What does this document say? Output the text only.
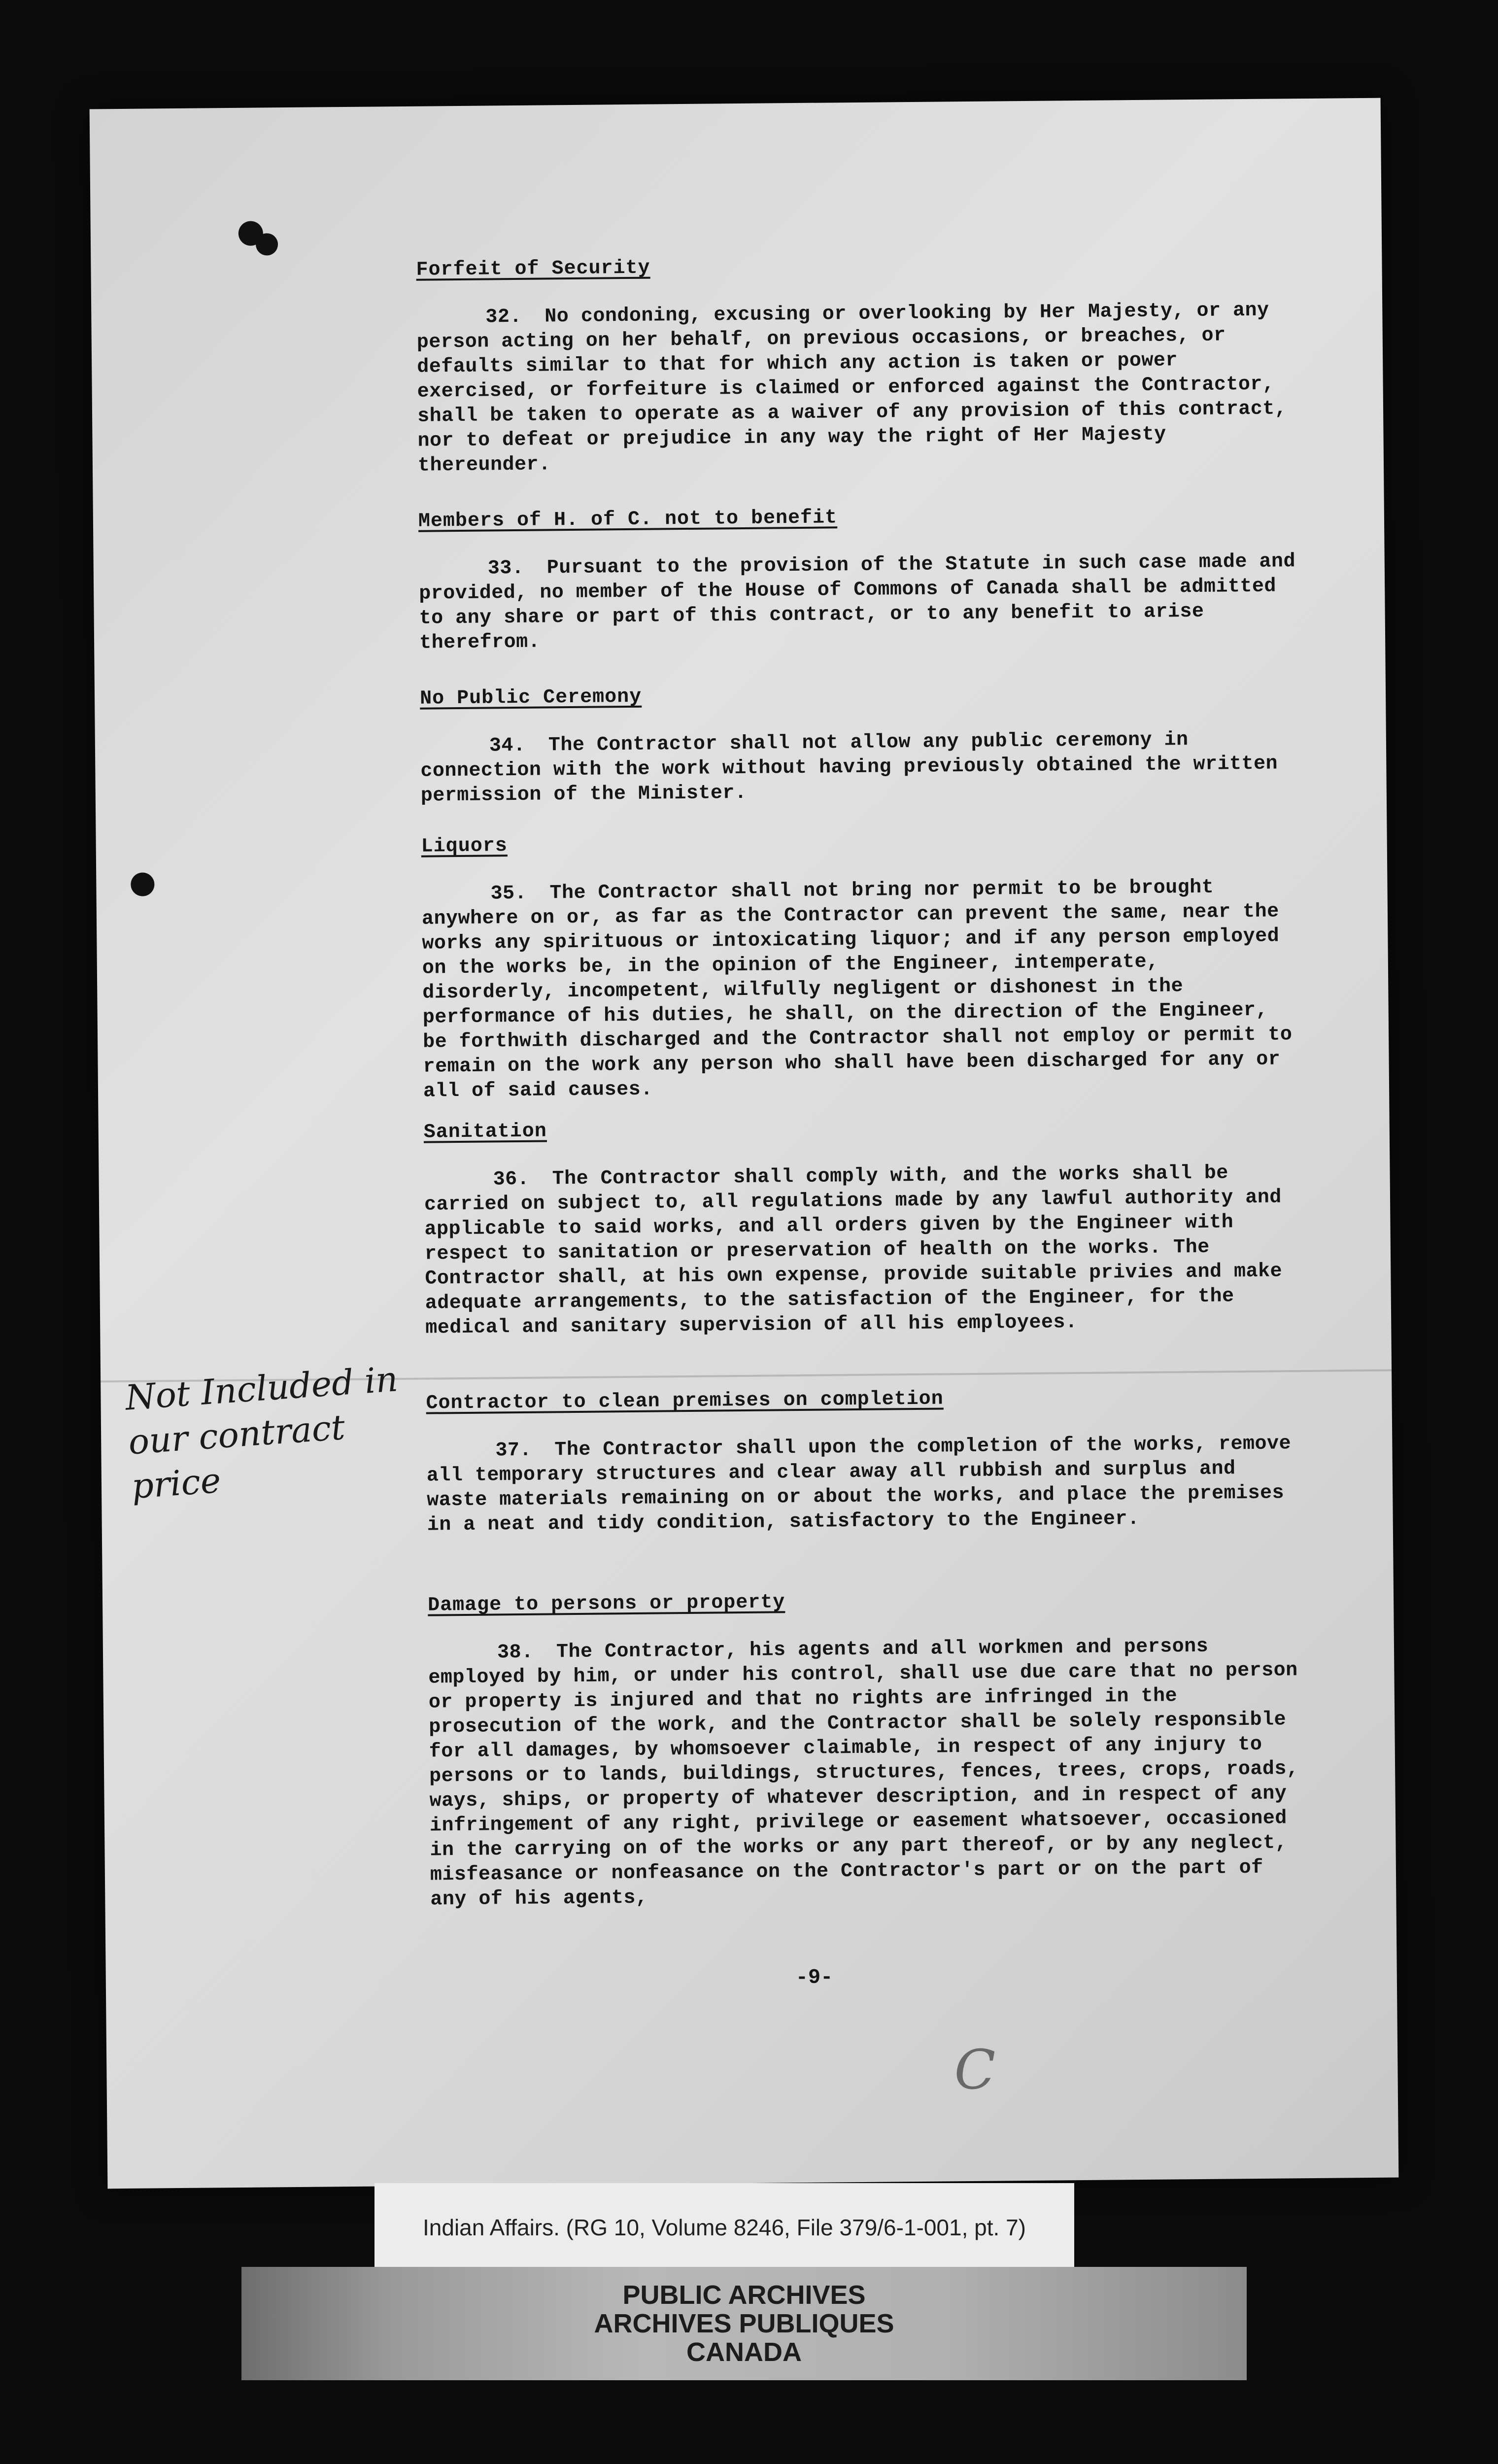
Forfeit of Security

32. No condoning, excusing or overlooking by Her Majesty, or any person acting on her behalf, on previous occasions, or breaches, or defaults similar to that for which any action is taken or power exercised, or forfeiture is claimed or enforced against the Contractor, shall be taken to operate as a waiver of any provision of this contract, nor to defeat or prejudice in any way the right of Her Majesty thereunder.

Members of H. of C. not to benefit

33. Pursuant to the provision of the Statute in such case made and provided, no member of the House of Commons of Canada shall be admitted to any share or part of this contract, or to any benefit to arise therefrom.

No Public Ceremony

34. The Contractor shall not allow any public ceremony in connection with the work without having previously obtained the written permission of the Minister.

Liquors

35. The Contractor shall not bring nor permit to be brought anywhere on or, as far as the Contractor can prevent the same, near the works any spirituous or intoxicating liquor; and if any person employed on the works be, in the opinion of the Engineer, intemperate, disorderly, incompetent, wilfully negligent or dishonest in the performance of his duties, he shall, on the direction of the Engineer, be forthwith discharged and the Contractor shall not employ or permit to remain on the work any person who shall have been discharged for any or all of said causes.

Sanitation

36. The Contractor shall comply with, and the works shall be carried on subject to, all regulations made by any lawful authority and applicable to said works, and all orders given by the Engineer with respect to sanitation or preservation of health on the works. The Contractor shall, at his own expense, provide suitable privies and make adequate arrangements, to the satisfaction of the Engineer, for the medical and sanitary supervision of all his employees.

Contractor to clean premises on completion

37. The Contractor shall upon the completion of the works, remove all temporary structures and clear away all rubbish and surplus and waste materials remaining on or about the works, and place the premises in a neat and tidy condition, satisfactory to the Engineer.

Damage to persons or property

38. The Contractor, his agents and all workmen and persons employed by him, or under his control, shall use due care that no person or property is injured and that no rights are infringed in the prosecution of the work, and the Contractor shall be solely responsible for all damages, by whomsoever claimable, in respect of any injury to persons or to lands, buildings, structures, fences, trees, crops, roads, ways, ships, or property of whatever description, and in respect of any infringement of any right, privilege or easement whatsoever, occasioned in the carrying on of the works or any part thereof, or by any neglect, misfeasance or nonfeasance on the Contractor's part or on the part of any of his agents,

-9-
C
Not Included in our contract price
Indian Affairs. (RG 10, Volume 8246, File 379/6-1-001, pt. 7)
PUBLIC ARCHIVES
ARCHIVES PUBLIQUES
CANADA
